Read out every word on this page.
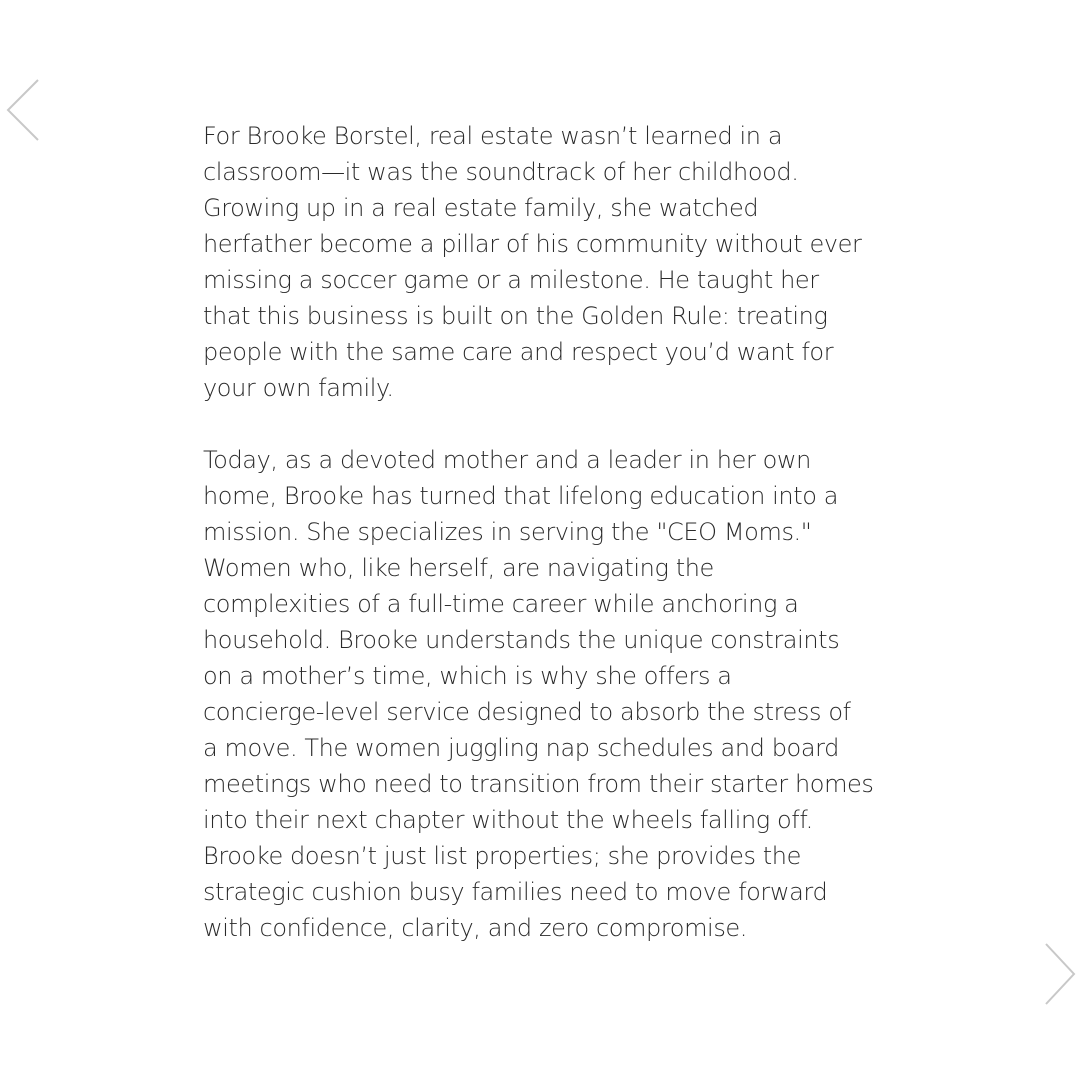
For Brooke Borstel, real estate wasn’t learned in a
classroom—it was the soundtrack of her childhood.
Growing up in a real estate family, she watched
herfather become a pillar of his community without ever
missing a soccer game or a milestone. He taught her
that this business is built on the Golden Rule: treating
people with the same care and respect you’d want for
your own family.
Today, as a devoted mother and a leader in her own
home, Brooke has turned that lifelong education into a
mission. She specializes in serving the "CEO Moms."
Women who, like herself, are navigating the
complexities of a full-time career while anchoring a
household. Brooke understands the unique constraints
on a mother’s time, which is why she offers a
concierge-level service designed to absorb the stress of
a move. The women juggling nap schedules and board
meetings who need to transition from their starter homes
into their next chapter without the wheels falling off.
Brooke doesn’t just list properties; she provides the
strategic cushion busy families need to move forward
with confidence, clarity, and zero compromise.
